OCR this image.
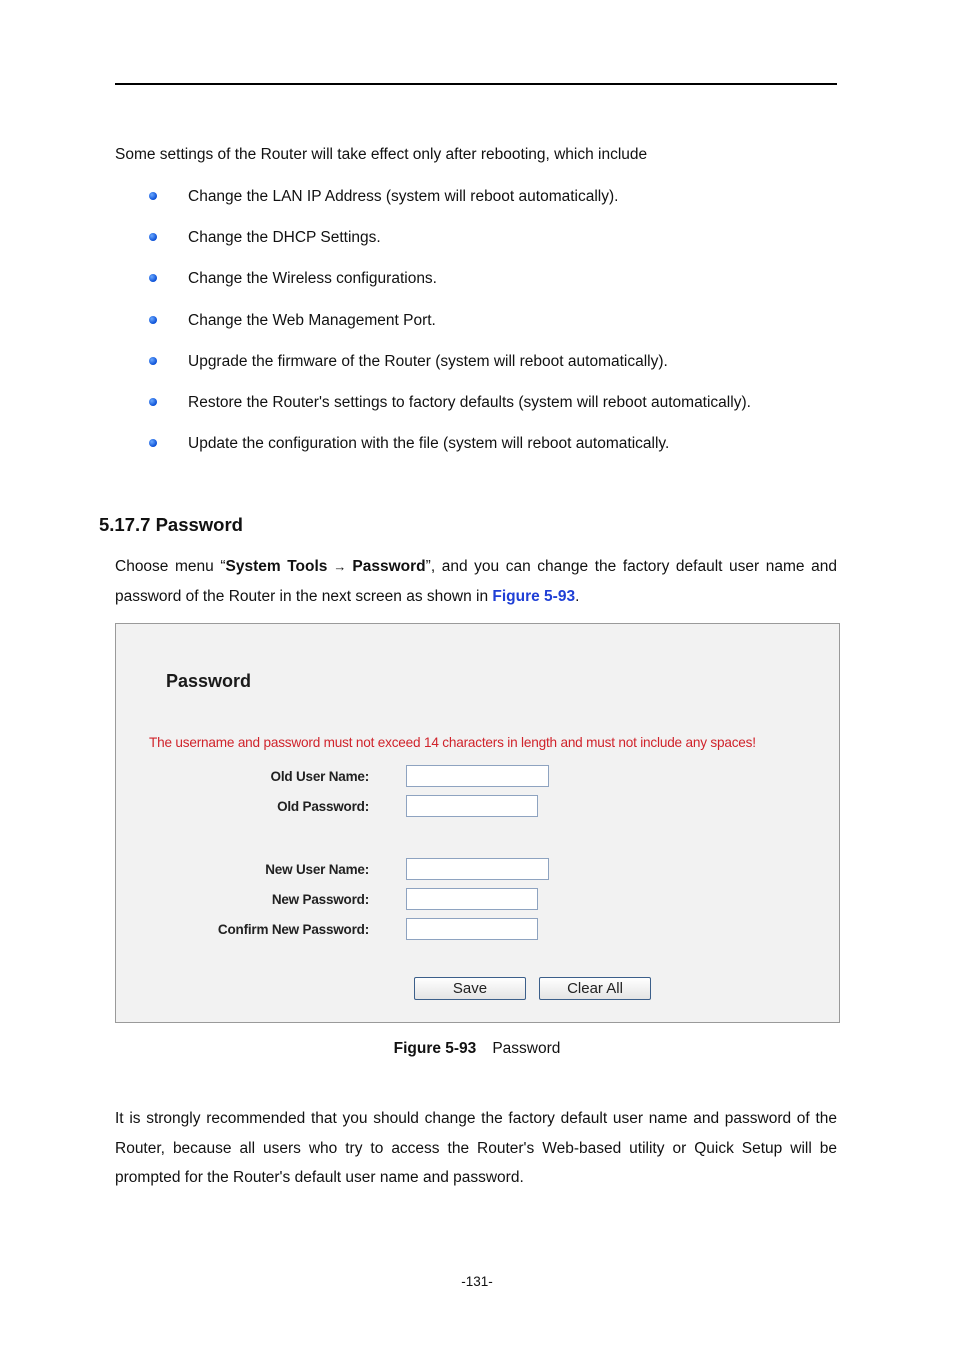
Some settings of the Router will take effect only after rebooting, which include
Change the LAN IP Address (system will reboot automatically).
Change the DHCP Settings.
Change the Wireless configurations.
Change the Web Management Port.
Upgrade the firmware of the Router (system will reboot automatically).
Restore the Router's settings to factory defaults (system will reboot automatically).
Update the configuration with the file (system will reboot automatically.
5.17.7 Password
Choose menu “System Tools → Password”, and you can change the factory default user name and password of the Router in the next screen as shown in Figure 5-93.
Password
The username and password must not exceed 14 characters in length and must not include any spaces!
Old User Name:
Old Password:
New User Name:
New Password:
Confirm New Password:
Save	Clear All
Figure 5-93 Password
It is strongly recommended that you should change the factory default user name and password of the Router, because all users who try to access the Router's Web-based utility or Quick Setup will be prompted for the Router's default user name and password.
-131-
